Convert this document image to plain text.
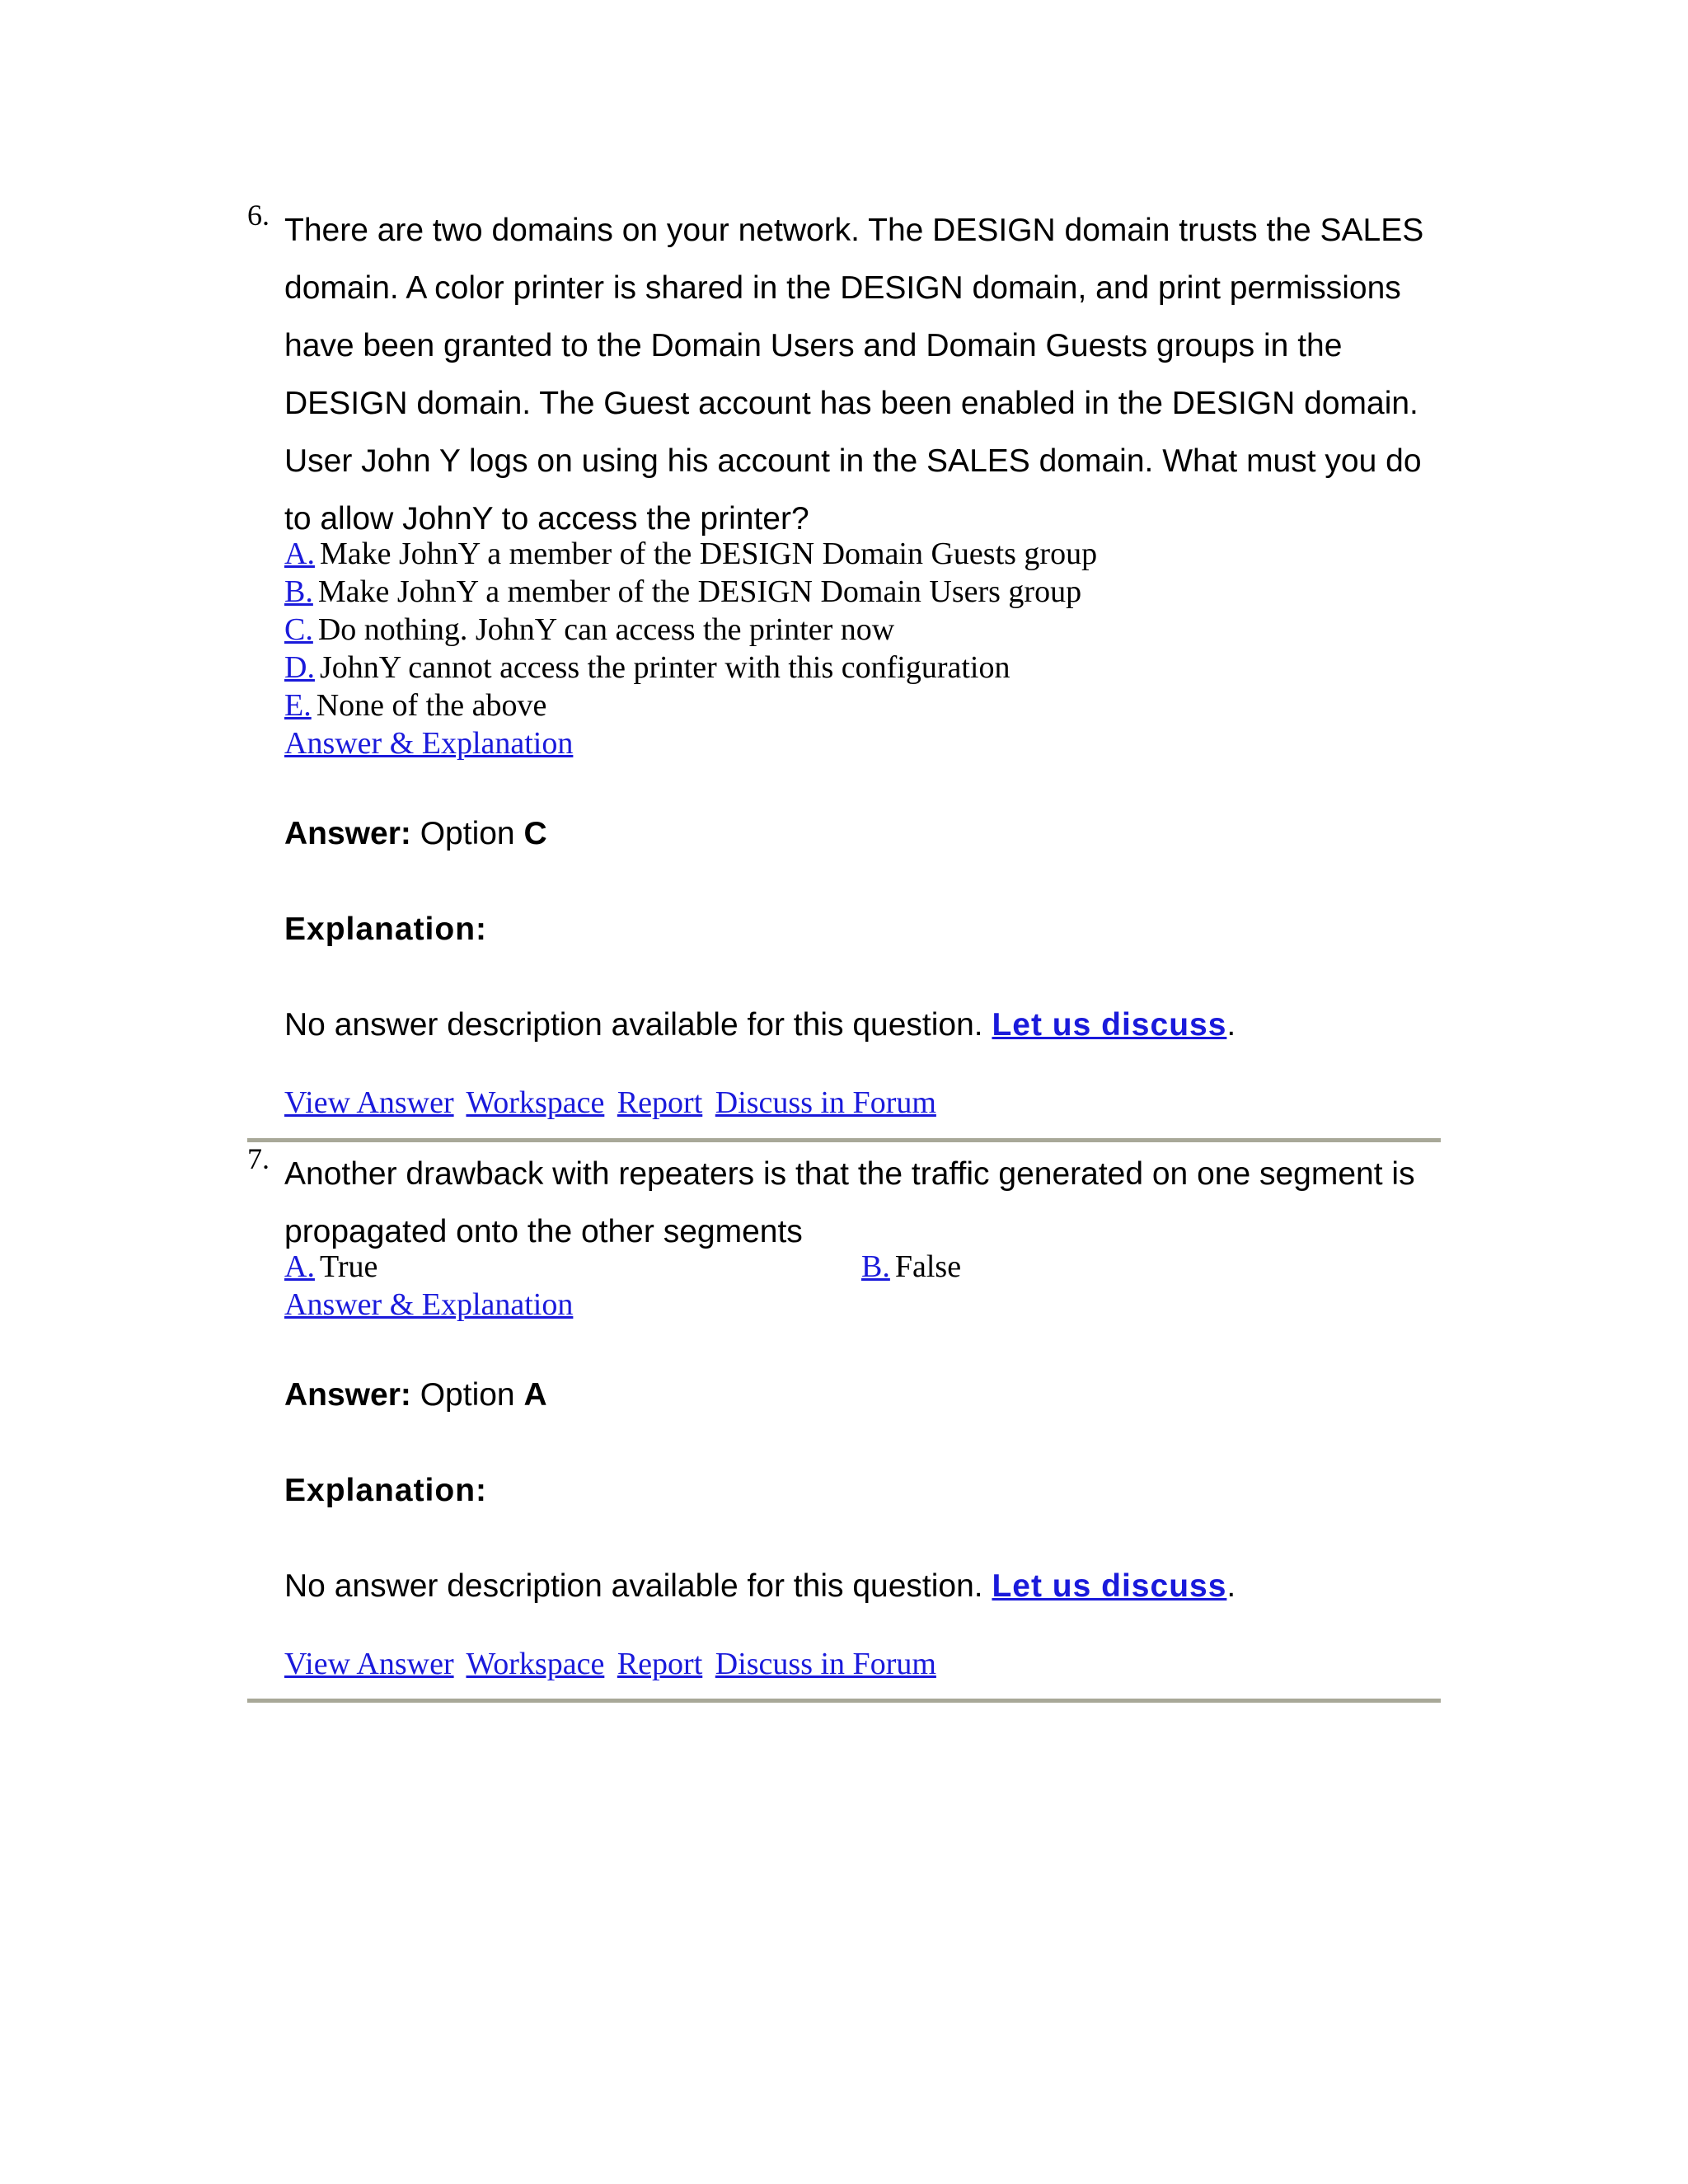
6. There are two domains on your network. The DESIGN domain trusts the SALES domain. A color printer is shared in the DESIGN domain, and print permissions have been granted to the Domain Users and Domain Guests groups in the DESIGN domain. The Guest account has been enabled in the DESIGN domain. User John Y logs on using his account in the SALES domain. What must you do to allow JohnY to access the printer?

A. Make JohnY a member of the DESIGN Domain Guests group
B. Make JohnY a member of the DESIGN Domain Users group
C. Do nothing. JohnY can access the printer now
D. JohnY cannot access the printer with this configuration
E. None of the above
Answer & Explanation
Answer: Option C
Explanation:
No answer description available for this question. Let us discuss.
View Answer Workspace Report Discuss in Forum
7. Another drawback with repeaters is that the traffic generated on one segment is propagated onto the other segments

A. True	B. False
Answer & Explanation
Answer: Option A
Explanation:
No answer description available for this question. Let us discuss.
View Answer Workspace Report Discuss in Forum
